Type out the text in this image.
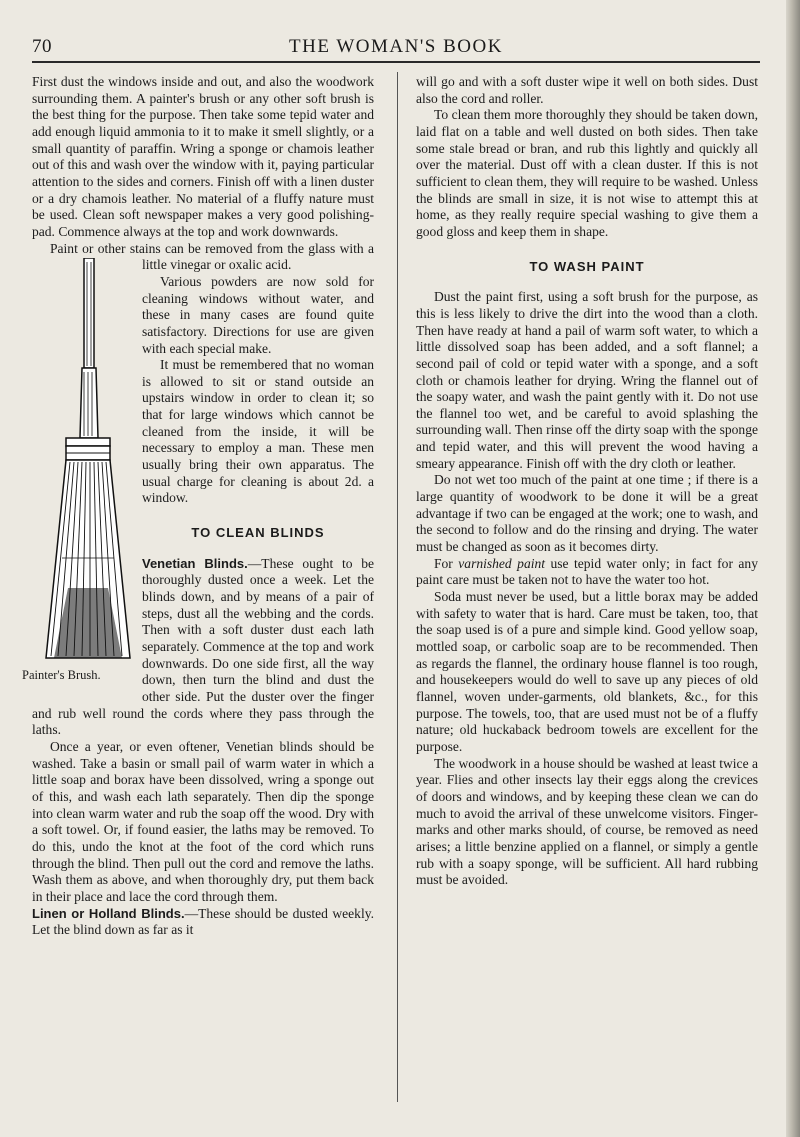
70	THE WOMAN'S BOOK

First dust the windows inside and out, and also the woodwork surrounding them. A painter's brush or any other soft brush is the best thing for the purpose. Then take some tepid water and add enough liquid ammonia to it to make it smell slightly, or a small quantity of paraffin. Wring a sponge or chamois leather out of this and wash over the window with it, paying particular attention to the sides and corners. Finish off with a linen duster or a dry chamois leather. No material of a fluffy nature must be used. Clean soft newspaper makes a very good polishing-pad. Commence always at the top and work downwards.

Paint or other stains can be removed from the glass with a little vinegar or oxalic acid.

Various powders are now sold for cleaning windows without water, and these in many cases are found quite satisfactory. Directions for use are given with each special make.

It must be remembered that no woman is allowed to sit or stand outside an upstairs window in order to clean it; so that for large windows which cannot be cleaned from the inside, it will be necessary to employ a man. These men usually bring their own apparatus. The usual charge for cleaning is about 2d. a window.

TO CLEAN BLINDS

Venetian Blinds.—These ought to be thoroughly dusted once a week. Let the blinds down, and by means of a pair of steps, dust all the webbing and the cords. Then with a soft duster dust each lath separately. Commence at the top and work downwards. Do one side first, all the way down, then turn the blind and dust the other side. Put the duster over the finger and rub well round the cords where they pass through the laths.

Once a year, or even oftener, Venetian blinds should be washed. Take a basin or small pail of warm water in which a little soap and borax have been dissolved, wring a sponge out of this, and wash each lath separately. Then dip the sponge into clean warm water and rub the soap off the wood. Dry with a soft towel. Or, if found easier, the laths may be removed. To do this, undo the knot at the foot of the cord which runs through the blind. Then pull out the cord and remove the laths. Wash them as above, and when thoroughly dry, put them back in their place and lace the cord through them.

Linen or Holland Blinds.—These should be dusted weekly. Let the blind down as far as it

will go and with a soft duster wipe it well on both sides. Dust also the cord and roller.

To clean them more thoroughly they should be taken down, laid flat on a table and well dusted on both sides. Then take some stale bread or bran, and rub this lightly and quickly all over the material. Dust off with a clean duster. If this is not sufficient to clean them, they will require to be washed. Unless the blinds are small in size, it is not wise to attempt this at home, as they really require special washing to give them a good gloss and keep them in shape.

TO WASH PAINT

Dust the paint first, using a soft brush for the purpose, as this is less likely to drive the dirt into the wood than a cloth. Then have ready at hand a pail of warm soft water, to which a little dissolved soap has been added, and a soft flannel; a second pail of cold or tepid water with a sponge, and a soft cloth or chamois leather for drying. Wring the flannel out of the soapy water, and wash the paint gently with it. Do not use the flannel too wet, and be careful to avoid splashing the surrounding wall. Then rinse off the dirty soap with the sponge and tepid water, and this will prevent the wood having a smeary appearance. Finish off with the dry cloth or leather.

Do not wet too much of the paint at one time ; if there is a large quantity of woodwork to be done it will be a great advantage if two can be engaged at the work; one to wash, and the second to follow and do the rinsing and drying. The water must be changed as soon as it becomes dirty.

For varnished paint use tepid water only; in fact for any paint care must be taken not to have the water too hot.

Soda must never be used, but a little borax may be added with safety to water that is hard. Care must be taken, too, that the soap used is of a pure and simple kind. Good yellow soap, mottled soap, or carbolic soap are to be recommended. Then as regards the flannel, the ordinary house flannel is too rough, and housekeepers would do well to save up any pieces of old flannel, woven under-garments, old blankets, &c., for this purpose. The towels, too, that are used must not be of a fluffy nature; old huckaback bedroom towels are excellent for the purpose.

The woodwork in a house should be washed at least twice a year. Flies and other insects lay their eggs along the crevices of doors and windows, and by keeping these clean we can do much to avoid the arrival of these unwelcome visitors. Finger-marks and other marks should, of course, be removed as need arises; a little benzine applied on a flannel, or simply a gentle rub with a soapy sponge, will be sufficient. All hard rubbing must be avoided.

Painter's Brush.
